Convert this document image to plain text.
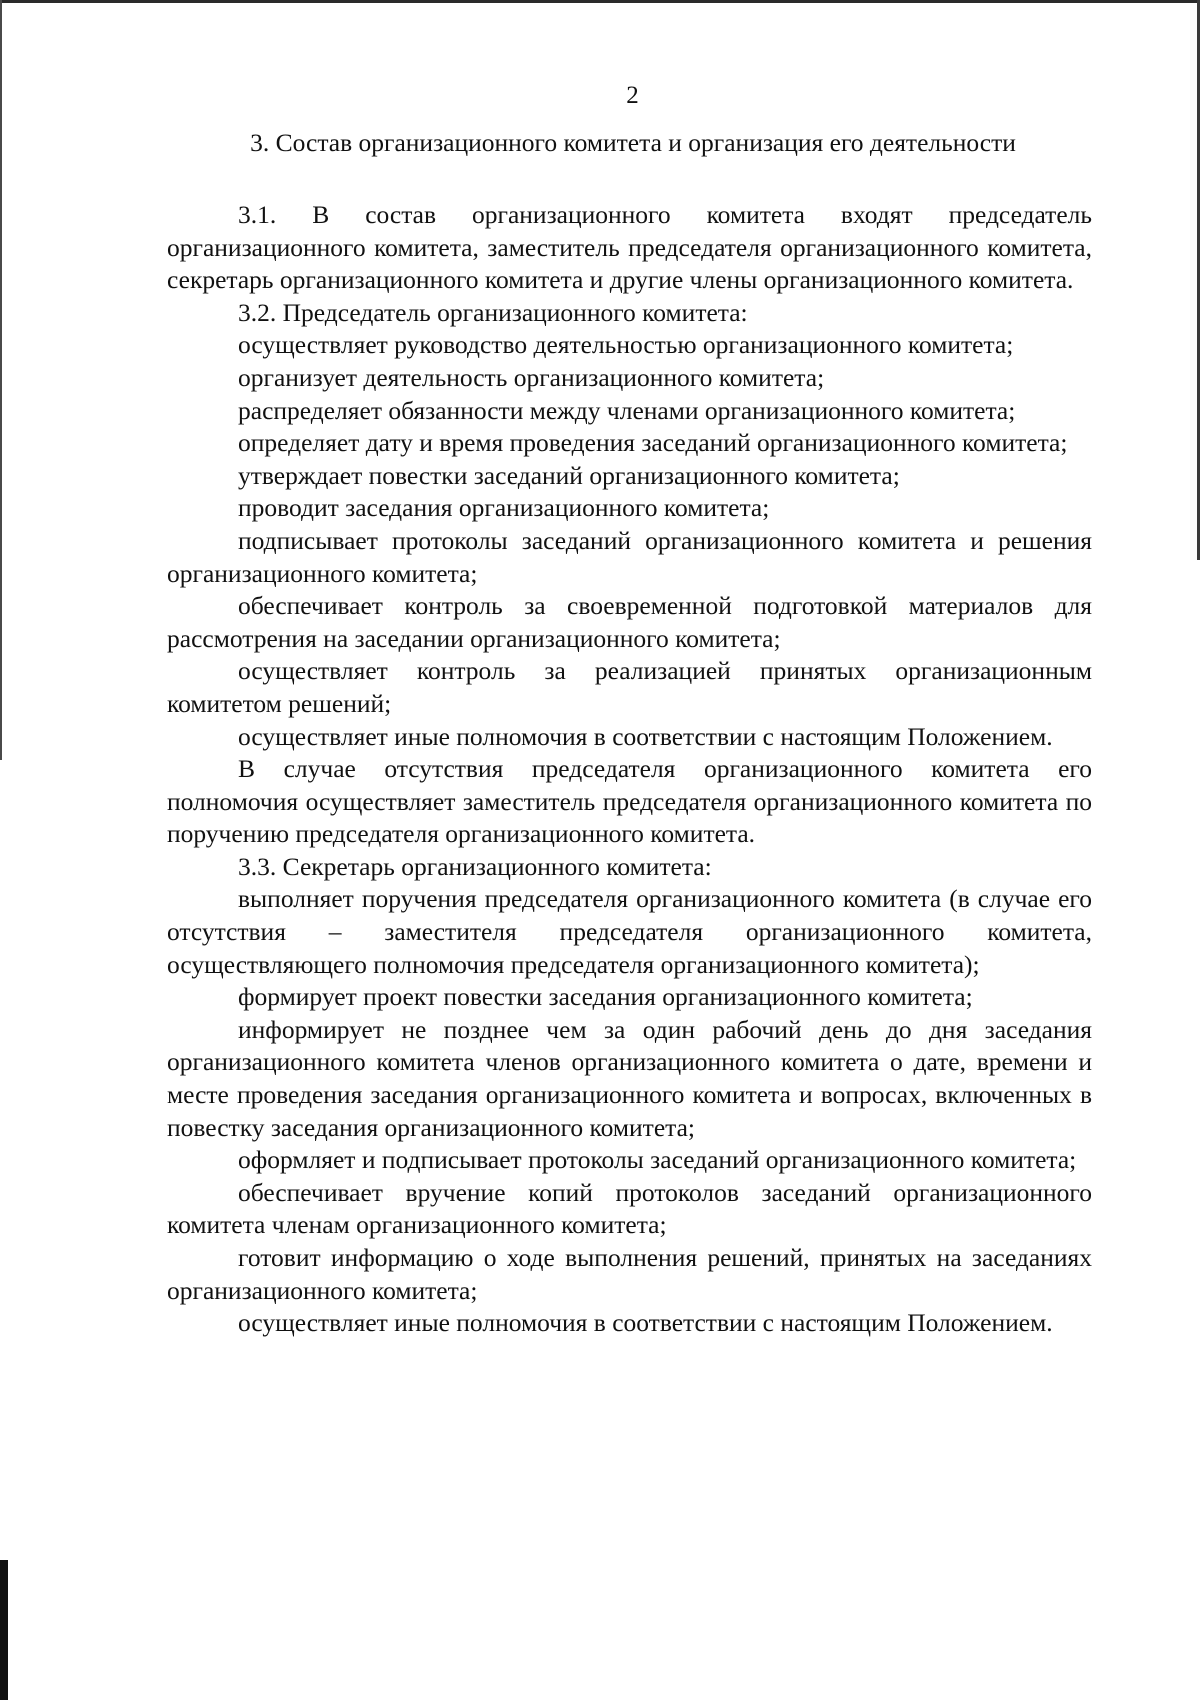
2
3. Состав организационного комитета и организация его деятельности

3.1. В состав организационного комитета входят председатель организационного комитета, заместитель председателя организационного комитета, секретарь организационного комитета и другие члены организационного комитета.

3.2. Председатель организационного комитета:

осуществляет руководство деятельностью организационного комитета;

организует деятельность организационного комитета;

распределяет обязанности между членами организационного комитета;

определяет дату и время проведения заседаний организационного комитета;

утверждает повестки заседаний организационного комитета;

проводит заседания организационного комитета;

подписывает протоколы заседаний организационного комитета и решения организационного комитета;

обеспечивает контроль за своевременной подготовкой материалов для рассмотрения на заседании организационного комитета;

осуществляет контроль за реализацией принятых организационным комитетом решений;

осуществляет иные полномочия в соответствии с настоящим Положением.

В случае отсутствия председателя организационного комитета его полномочия осуществляет заместитель председателя организационного комитета по поручению председателя организационного комитета.

3.3. Секретарь организационного комитета:

выполняет поручения председателя организационного комитета (в случае его отсутствия – заместителя председателя организационного комитета, осуществляющего полномочия председателя организационного комитета);

формирует проект повестки заседания организационного комитета;

информирует не позднее чем за один рабочий день до дня заседания организационного комитета членов организационного комитета о дате, времени и месте проведения заседания организационного комитета и вопросах, включенных в повестку заседания организационного комитета;

оформляет и подписывает протоколы заседаний организационного комитета;

обеспечивает вручение копий протоколов заседаний организационного комитета членам организационного комитета;

готовит информацию о ходе выполнения решений, принятых на заседаниях организационного комитета;

осуществляет иные полномочия в соответствии с настоящим Положением.
